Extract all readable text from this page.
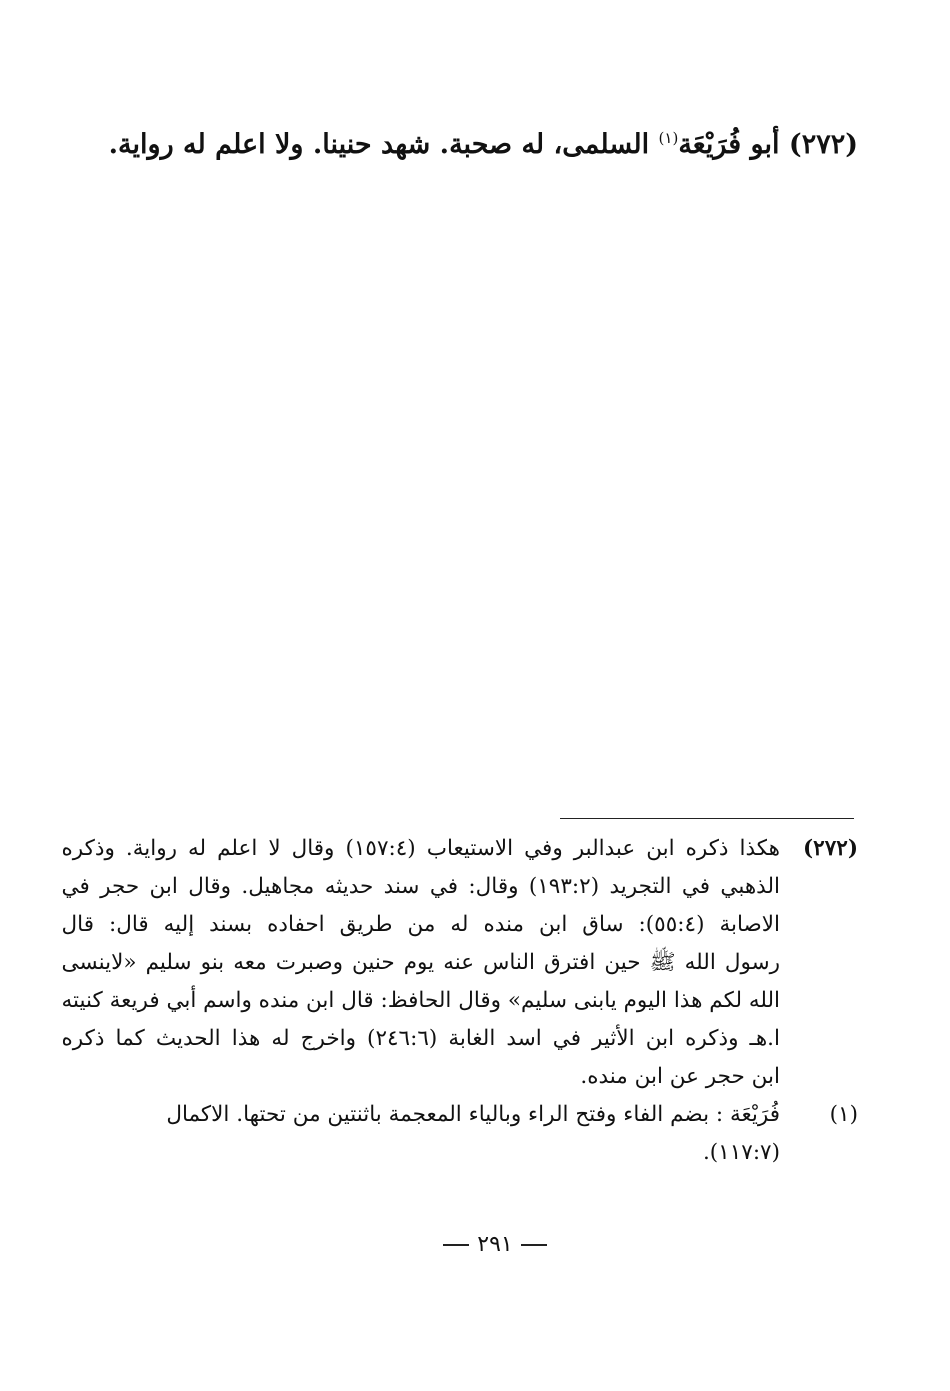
(٢٧٢) أبو فُرَيْعَة$^{(١)}$ السلمى، له صحبة. شهد حنينا. ولا اعلم له رواية.
(٢٧٢)
هكذا ذكره ابن عبدالبر وفي الاستيعاب (١٥٧:٤) وقال لا اعلم له رواية. وذكره
الذهبي في التجريد (١٩٣:٢) وقال: في سند حديثه مجاهيل. وقال ابن حجر في
الاصابة (٥٥:٤): ساق ابن منده له من طريق احفاده بسند إليه قال: قال
رسول الله ﷺ حين افترق الناس عنه يوم حنين وصبرت معه بنو سليم «لاينسى
الله لكم هذا اليوم يابنى سليم» وقال الحافظ: قال ابن منده واسم أبي فريعة كنيته
ا.هـ وذكره ابن الأثير في اسد الغابة (٢٤٦:٦) واخرج له هذا الحديث كما ذكره
ابن حجر عن ابن منده.
(١)
فُرَيْعَة : بضم الفاء وفتح الراء وبالياء المعجمة باثنتين من تحتها. الاكمال
(١١٧:٧).
٢٩١
